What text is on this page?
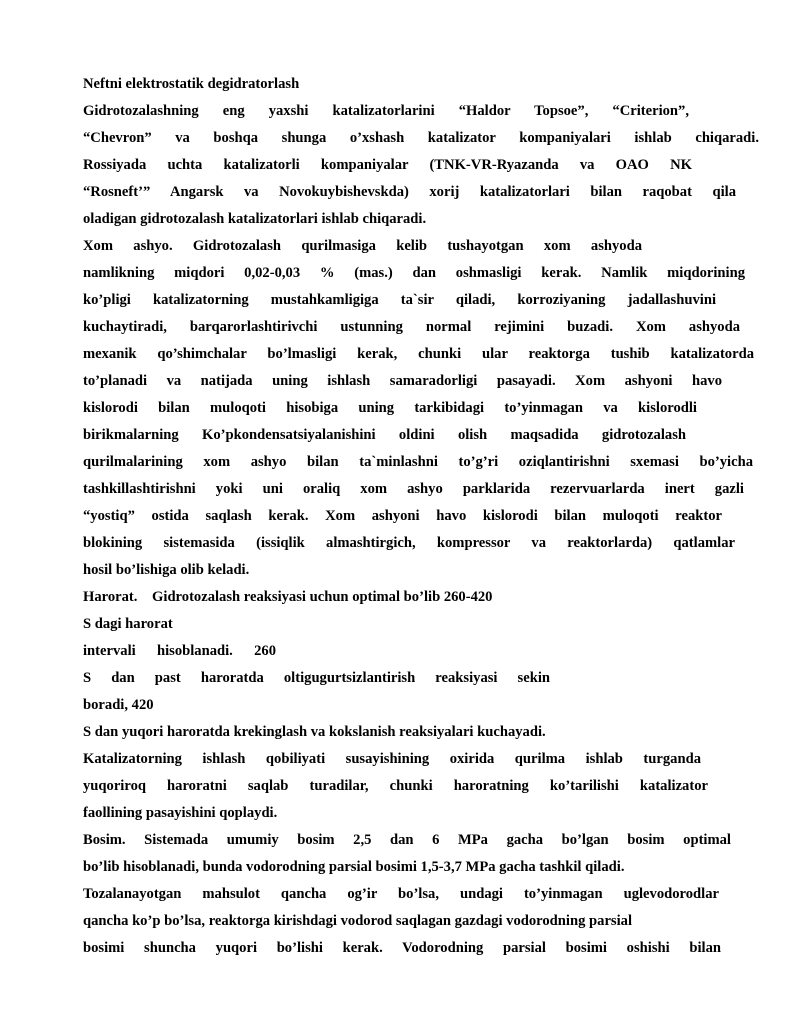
Neftni elektrostatik degidratorlash
Gidrotozalashning eng yaxshi katalizatorlarini “Haldor Topsoe”, “Criterion”,
“Chevron” va boshqa shunga o’xshash katalizator kompaniyalari ishlab chiqaradi.
Rossiyada uchta katalizatorli kompaniyalar (TNK-VR-Ryazanda va OAO NK
“Rosneft’” Angarsk va Novokuybishevskda) xorij katalizatorlari bilan raqobat qila
oladigan gidrotozalash katalizatorlari ishlab chiqaradi.
Xom ashyo. Gidrotozalash qurilmasiga kelib tushayotgan xom ashyoda
namlikning miqdori 0,02-0,03 % (mas.) dan oshmasligi kerak. Namlik miqdorining
ko’pligi katalizatorning mustahkamligiga ta`sir qiladi, korroziyaning jadallashuvini
kuchaytiradi, barqarorlashtirivchi ustunning normal rejimini buzadi. Xom ashyoda
mexanik qo’shimchalar bo’lmasligi kerak, chunki ular reaktorga tushib katalizatorda
to’planadi va natijada uning ishlash samaradorligi pasayadi. Xom ashyoni havo
kislorodi bilan muloqoti hisobiga uning tarkibidagi to’yinmagan va kislorodli
birikmalarning Ko’pkondensatsiyalanishini oldini olish maqsadida gidrotozalash
qurilmalarining xom ashyo bilan ta`minlashni to’g’ri oziqlantirishni sxemasi bo’yicha
tashkillashtirishni yoki uni oraliq xom ashyo parklarida rezervuarlarda inert gazli
“yostiq” ostida saqlash kerak. Xom ashyoni havo kislorodi bilan muloqoti reaktor
blokining sistemasida (issiqlik almashtirgich, kompressor va reaktorlarda) qatlamlar
hosil bo’lishiga olib keladi.
Harorat.    Gidrotozalash reaksiyasi uchun optimal bo’lib 260-420
S dagi harorat
intervali hisoblanadi. 260
S dan past haroratda oltigugurtsizlantirish reaksiyasi sekin
boradi, 420
S dan yuqori haroratda krekinglash va kokslanish reaksiyalari kuchayadi.
Katalizatorning ishlash qobiliyati susayishining oxirida qurilma ishlab turganda
yuqoriroq haroratni saqlab turadilar, chunki haroratning ko’tarilishi katalizator
faollining pasayishini qoplaydi.
Bosim. Sistemada umumiy bosim 2,5 dan 6 MPa gacha bo’lgan bosim optimal
bo’lib hisoblanadi, bunda vodorodning parsial bosimi 1,5-3,7 MPa gacha tashkil qiladi.
Tozalanayotgan mahsulot qancha og’ir bo’lsa, undagi to’yinmagan uglevodorodlar
qancha ko’p bo’lsa, reaktorga kirishdagi vodorod saqlagan gazdagi vodorodning parsial
bosimi shuncha yuqori bo’lishi kerak. Vodorodning parsial bosimi oshishi bilan
